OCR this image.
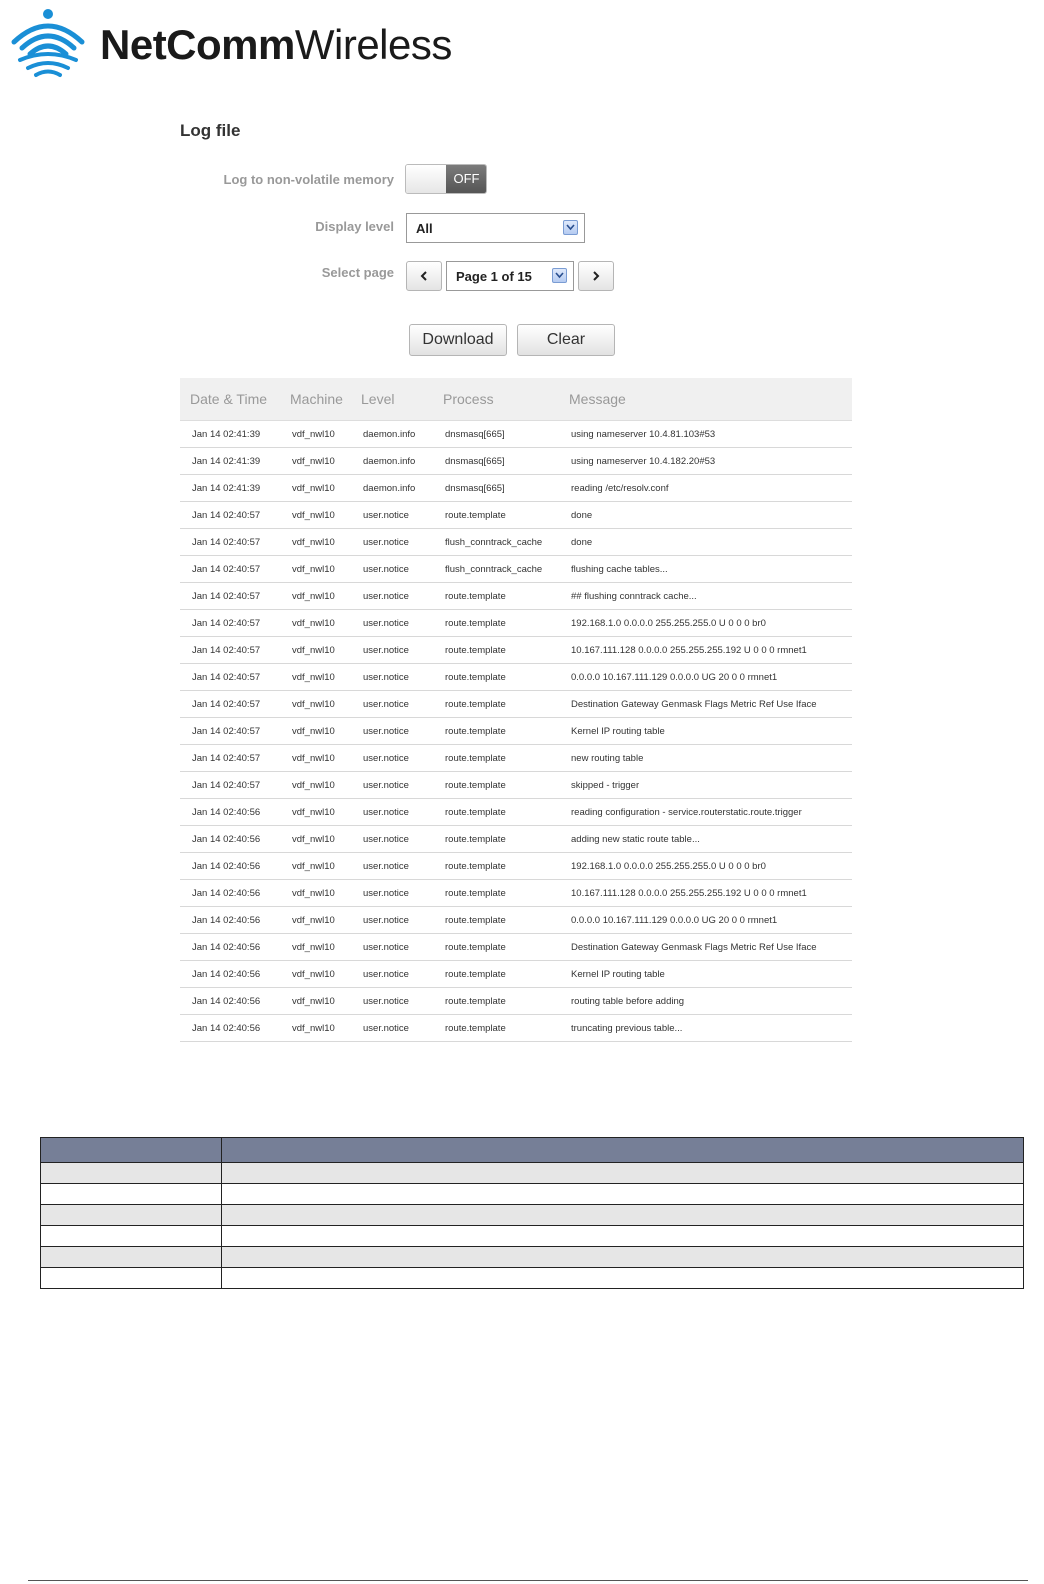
NetCommWireless
Log file
Log to non-volatile memory	OFF
Display level All
Select page	Page 1 of 15
Download	Clear
Date & Time	Machine	Level	Process	Message
Jan 14 02:41:39	vdf_nwl10	daemon.info	dnsmasq[665]	using nameserver 10.4.81.103#53
Jan 14 02:41:39	vdf_nwl10	daemon.info	dnsmasq[665]	using nameserver 10.4.182.20#53
Jan 14 02:41:39	vdf_nwl10	daemon.info	dnsmasq[665]	reading /etc/resolv.conf
Jan 14 02:40:57	vdf_nwl10	user.notice	route.template	done
Jan 14 02:40:57	vdf_nwl10	user.notice	flush_conntrack_cache	done
Jan 14 02:40:57	vdf_nwl10	user.notice	flush_conntrack_cache	flushing cache tables...
Jan 14 02:40:57	vdf_nwl10	user.notice	route.template	## flushing conntrack cache...
Jan 14 02:40:57	vdf_nwl10	user.notice	route.template	192.168.1.0 0.0.0.0 255.255.255.0 U 0 0 0 br0
Jan 14 02:40:57	vdf_nwl10	user.notice	route.template	10.167.111.128 0.0.0.0 255.255.255.192 U 0 0 0 rmnet1
Jan 14 02:40:57	vdf_nwl10	user.notice	route.template	0.0.0.0 10.167.111.129 0.0.0.0 UG 20 0 0 rmnet1
Jan 14 02:40:57	vdf_nwl10	user.notice	route.template	Destination Gateway Genmask Flags Metric Ref Use Iface
Jan 14 02:40:57	vdf_nwl10	user.notice	route.template	Kernel IP routing table
Jan 14 02:40:57	vdf_nwl10	user.notice	route.template	new routing table
Jan 14 02:40:57	vdf_nwl10	user.notice	route.template	skipped - trigger
Jan 14 02:40:56	vdf_nwl10	user.notice	route.template	reading configuration - service.routerstatic.route.trigger
Jan 14 02:40:56	vdf_nwl10	user.notice	route.template	adding new static route table...
Jan 14 02:40:56	vdf_nwl10	user.notice	route.template	192.168.1.0 0.0.0.0 255.255.255.0 U 0 0 0 br0
Jan 14 02:40:56	vdf_nwl10	user.notice	route.template	10.167.111.128 0.0.0.0 255.255.255.192 U 0 0 0 rmnet1
Jan 14 02:40:56	vdf_nwl10	user.notice	route.template	0.0.0.0 10.167.111.129 0.0.0.0 UG 20 0 0 rmnet1
Jan 14 02:40:56	vdf_nwl10	user.notice	route.template	Destination Gateway Genmask Flags Metric Ref Use Iface
Jan 14 02:40:56	vdf_nwl10	user.notice	route.template	Kernel IP routing table
Jan 14 02:40:56	vdf_nwl10	user.notice	route.template	routing table before adding
Jan 14 02:40:56	vdf_nwl10	user.notice	route.template	truncating previous table...
